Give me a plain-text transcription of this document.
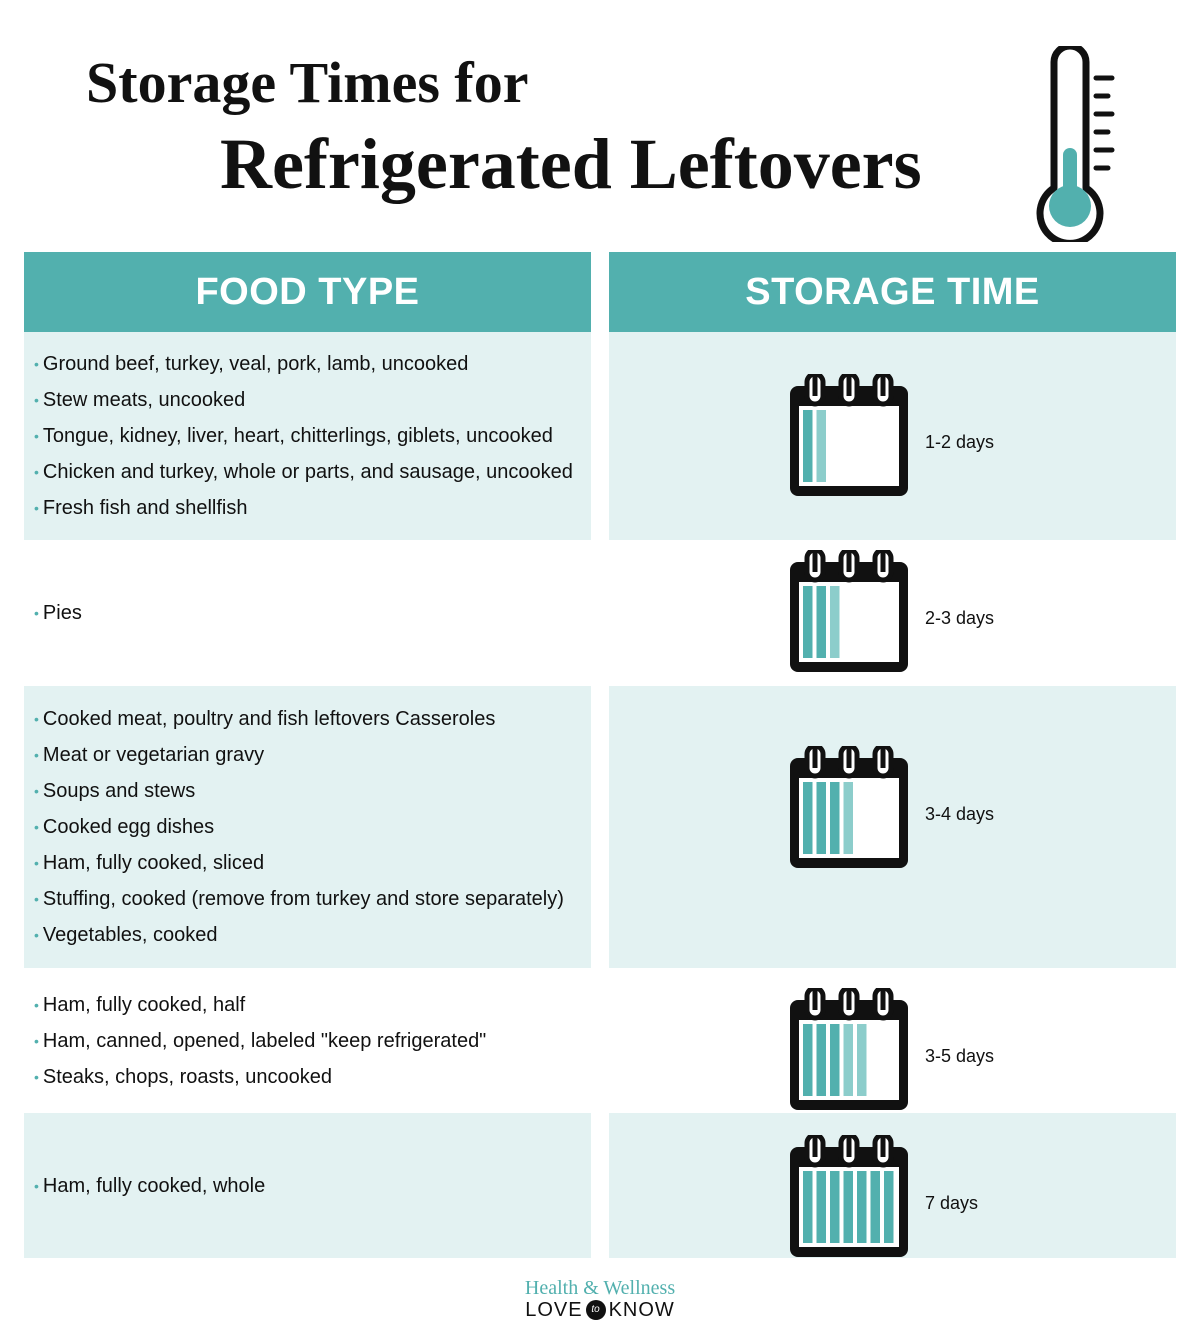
Storage Times for
Refrigerated Leftovers
FOOD TYPE	STORAGE TIME
• Ground beef, turkey, veal, pork, lamb, uncooked
• Stew meats, uncooked
• Tongue, kidney, liver, heart, chitterlings, giblets, uncooked
• Chicken and turkey, whole or parts, and sausage, uncooked
• Fresh fish and shellfish
1-2 days
• Pies	2-3 days
• Cooked meat, poultry and fish leftovers Casseroles
• Meat or vegetarian gravy
• Soups and stews
• Cooked egg dishes
• Ham, fully cooked, sliced
• Stuffing, cooked (remove from turkey and store separately)
• Vegetables, cooked
3-4 days
• Ham, fully cooked, half
• Ham, canned, opened, labeled "keep refrigerated"
• Steaks, chops, roasts, uncooked
3-5 days
• Ham, fully cooked, whole
7 days
Health & Wellness
LOVE to KNOW
